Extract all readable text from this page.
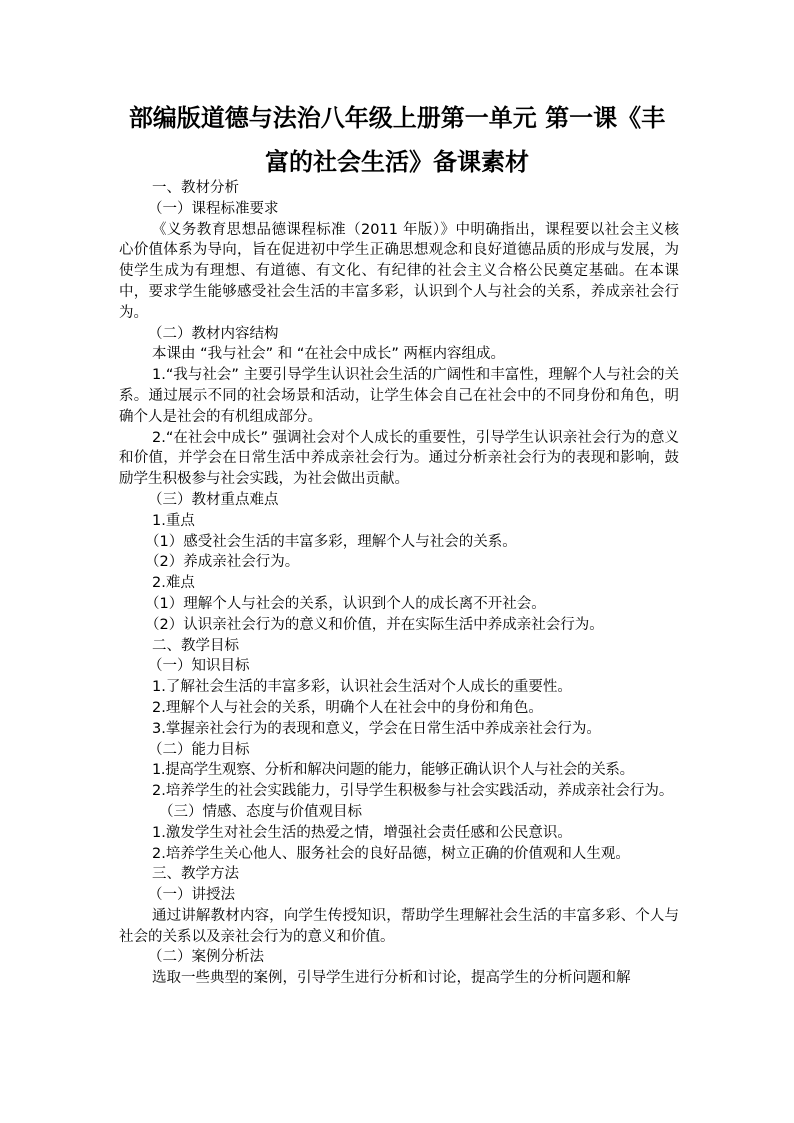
部编版道德与法治八年级上册第一单元 第一课《丰
富的社会生活》备课素材

一、教材分析

（一）课程标准要求

《义务教育思想品德课程标准（2011 年版）》中明确指出，课程要以社会主义核心价值体系为导向，旨在促进初中学生正确思想观念和良好道德品质的形成与发展，为使学生成为有理想、有道德、有文化、有纪律的社会主义合格公民奠定基础。在本课中，要求学生能够感受社会生活的丰富多彩，认识到个人与社会的关系，养成亲社会行为。

（二）教材内容结构

本课由 “我与社会” 和 “在社会中成长” 两框内容组成。

1.“我与社会” 主要引导学生认识社会生活的广阔性和丰富性，理解个人与社会的关系。通过展示不同的社会场景和活动，让学生体会自己在社会中的不同身份和角色，明确个人是社会的有机组成部分。

2.“在社会中成长” 强调社会对个人成长的重要性，引导学生认识亲社会行为的意义和价值，并学会在日常生活中养成亲社会行为。通过分析亲社会行为的表现和影响，鼓励学生积极参与社会实践，为社会做出贡献。

（三）教材重点难点

1.重点

（1）感受社会生活的丰富多彩，理解个人与社会的关系。

（2）养成亲社会行为。

2.难点

（1）理解个人与社会的关系，认识到个人的成长离不开社会。

（2）认识亲社会行为的意义和价值，并在实际生活中养成亲社会行为。

二、教学目标

（一）知识目标

1.了解社会生活的丰富多彩，认识社会生活对个人成长的重要性。

2.理解个人与社会的关系，明确个人在社会中的身份和角色。

3.掌握亲社会行为的表现和意义，学会在日常生活中养成亲社会行为。

（二）能力目标

1.提高学生观察、分析和解决问题的能力，能够正确认识个人与社会的关系。

2.培养学生的社会实践能力，引导学生积极参与社会实践活动，养成亲社会行为。

（三）情感、态度与价值观目标

1.激发学生对社会生活的热爱之情，增强社会责任感和公民意识。

2.培养学生关心他人、服务社会的良好品德，树立正确的价值观和人生观。

三、教学方法

（一）讲授法

通过讲解教材内容，向学生传授知识，帮助学生理解社会生活的丰富多彩、个人与社会的关系以及亲社会行为的意义和价值。

（二）案例分析法

选取一些典型的案例，引导学生进行分析和讨论，提高学生的分析问题和解
